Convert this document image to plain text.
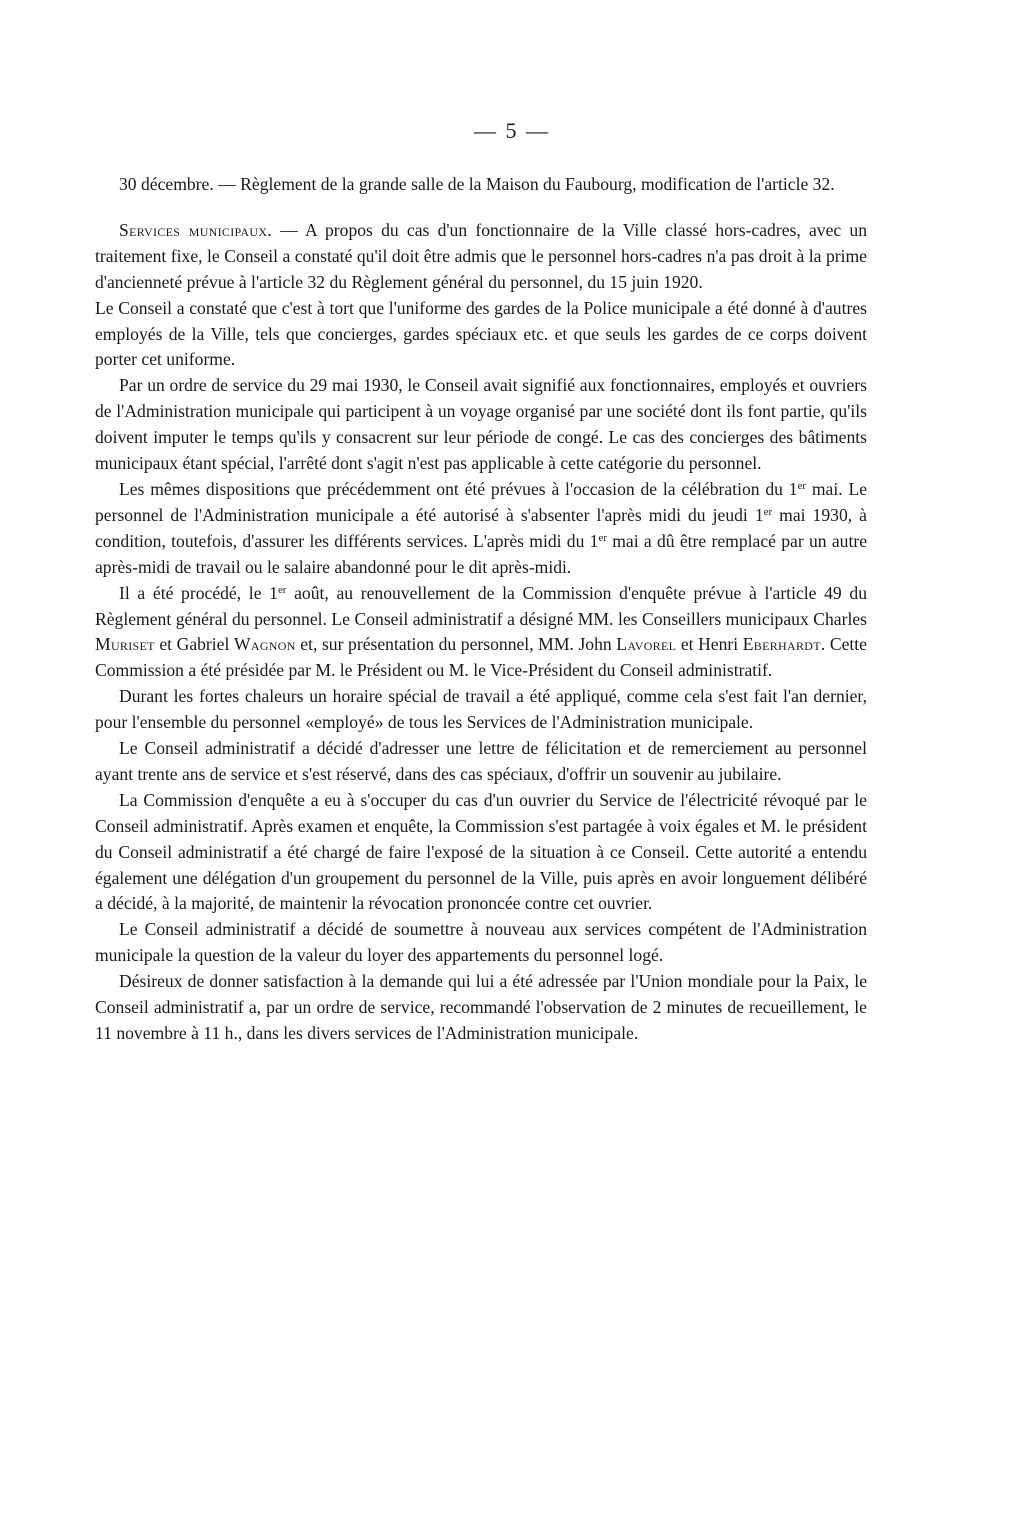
— 5 —

30 décembre. — Règlement de la grande salle de la Maison du Faubourg, modification de l'article 32.

Services municipaux. — A propos du cas d'un fonctionnaire de la Ville classé hors-cadres, avec un traitement fixe, le Conseil a constaté qu'il doit être admis que le personnel hors-cadres n'a pas droit à la prime d'ancienneté prévue à l'article 32 du Règlement général du personnel, du 15 juin 1920.

Le Conseil a constaté que c'est à tort que l'uniforme des gardes de la Police municipale a été donné à d'autres employés de la Ville, tels que concierges, gardes spéciaux etc. et que seuls les gardes de ce corps doivent porter cet uniforme.

Par un ordre de service du 29 mai 1930, le Conseil avait signifié aux fonctionnaires, employés et ouvriers de l'Administration municipale qui participent à un voyage organisé par une société dont ils font partie, qu'ils doivent imputer le temps qu'ils y consacrent sur leur période de congé. Le cas des concierges des bâtiments municipaux étant spécial, l'arrêté dont s'agit n'est pas applicable à cette catégorie du personnel.

Les mêmes dispositions que précédemment ont été prévues à l'occasion de la célébration du 1er mai. Le personnel de l'Administration municipale a été autorisé à s'absenter l'après midi du jeudi 1er mai 1930, à condition, toutefois, d'assurer les différents services. L'après midi du 1er mai a dû être remplacé par un autre après-midi de travail ou le salaire abandonné pour le dit après-midi.

Il a été procédé, le 1er août, au renouvellement de la Commission d'enquête prévue à l'article 49 du Règlement général du personnel. Le Conseil administratif a désigné MM. les Conseillers municipaux Charles Muriset et Gabriel Wagnon et, sur présentation du personnel, MM. John Lavorel et Henri Eberhardt. Cette Commission a été présidée par M. le Président ou M. le Vice-Président du Conseil administratif.

Durant les fortes chaleurs un horaire spécial de travail a été appliqué, comme cela s'est fait l'an dernier, pour l'ensemble du personnel «employé» de tous les Services de l'Administration municipale.

Le Conseil administratif a décidé d'adresser une lettre de félicitation et de remerciement au personnel ayant trente ans de service et s'est réservé, dans des cas spéciaux, d'offrir un souvenir au jubilaire.

La Commission d'enquête a eu à s'occuper du cas d'un ouvrier du Service de l'électricité révoqué par le Conseil administratif. Après examen et enquête, la Commission s'est partagée à voix égales et M. le président du Conseil administratif a été chargé de faire l'exposé de la situation à ce Conseil. Cette autorité a entendu également une délégation d'un groupement du personnel de la Ville, puis après en avoir longuement délibéré a décidé, à la majorité, de maintenir la révocation prononcée contre cet ouvrier.

Le Conseil administratif a décidé de soumettre à nouveau aux services compétent de l'Administration municipale la question de la valeur du loyer des appartements du personnel logé.

Désireux de donner satisfaction à la demande qui lui a été adressée par l'Union mondiale pour la Paix, le Conseil administratif a, par un ordre de service, recommandé l'observation de 2 minutes de recueillement, le 11 novembre à 11 h., dans les divers services de l'Administration municipale.
